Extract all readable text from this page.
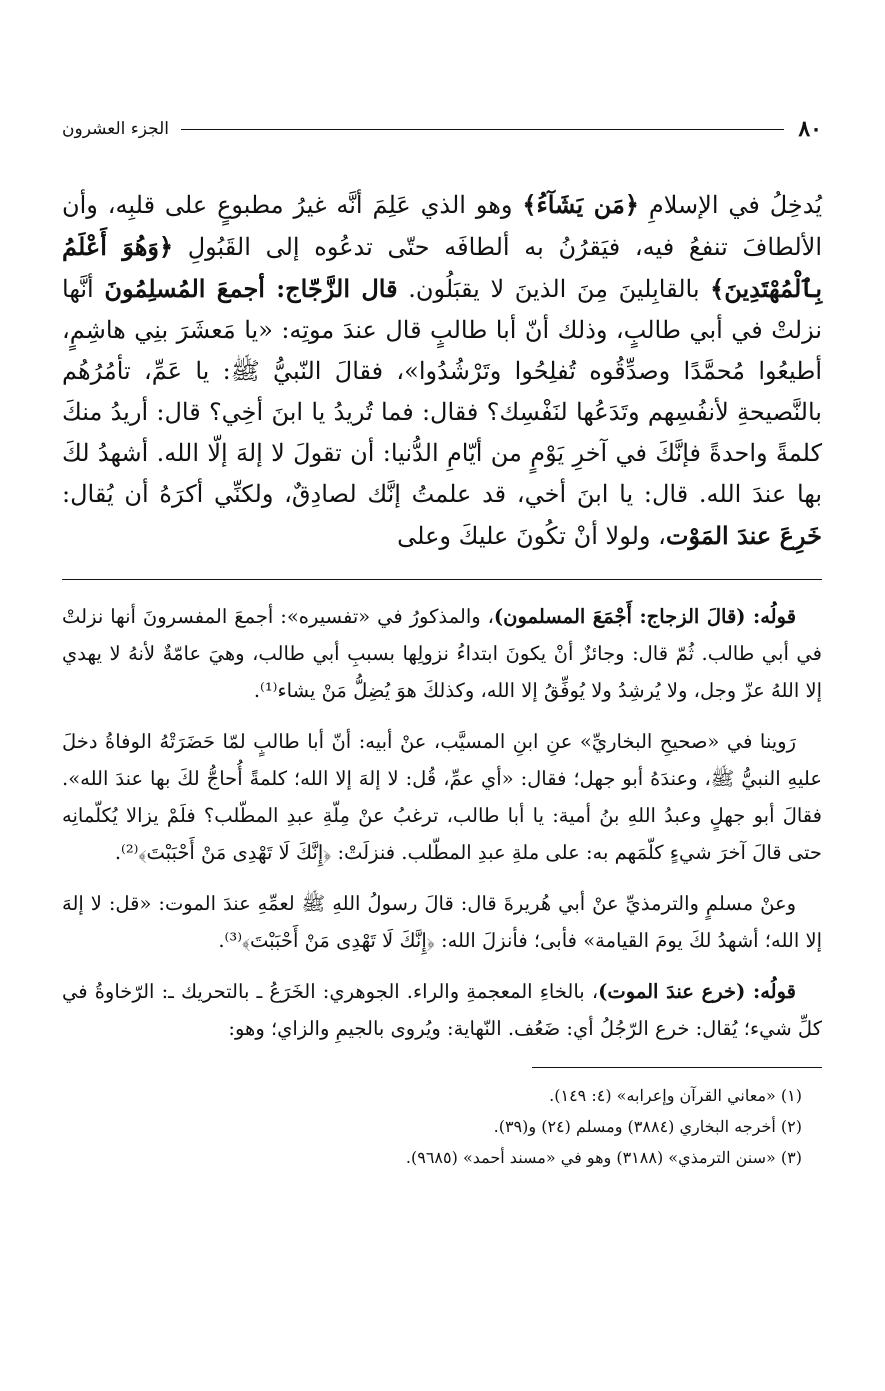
٨٠
الجزء العشرون
يُدخِلُ في الإسلامِ ﴿مَن يَشَآءُ﴾ وهو الذي عَلِمَ أنَّه غيرُ مطبوعٍ على قلبِه، وأن الألطافَ تنفعُ فيه، فيَقرُنُ به ألطافَه حتّى تدعُوه إلى القَبُولِ ﴿وَهُوَ أَعْلَمُ بِٱلْمُهْتَدِينَ﴾ بالقابِلينَ مِنَ الذينَ لا يقبَلُون. قال الزَّجّاج: أجمعَ المُسلِمُونَ أنَّها نزلتْ في أبي طالبٍ، وذلك أنّ أبا طالبٍ قال عندَ موتِه: «يا مَعشَرَ بنِي هاشِمٍ، أطيعُوا مُحمَّدًا وصدِّقُوه تُفلِحُوا وتَرْشُدُوا»، فقالَ النّبيُّ ﷺ: يا عَمِّ، تأمُرُهُم بالنَّصيحةِ لأنفُسِهم وتَدَعُها لنَفْسِك؟ فقال: فما تُريدُ يا ابنَ أخِي؟ قال: أريدُ منكَ كلمةً واحدةً فإنَّكَ في آخرِ يَوْمٍ من أيّامِ الدُّنيا: أن تقولَ لا إلهَ إلّا الله. أشهدُ لكَ بها عندَ الله. قال: يا ابنَ أخي، قد علمتُ إنَّك لصادِقٌ، ولكنِّي أكرَهُ أن يُقال: خَرِعَ عندَ المَوْت، ولولا أنْ تكُونَ عليكَ وعلى

قولُه: (قالَ الزجاج: أَجْمَعَ المسلمون)، والمذكورُ في «تفسيره»: أجمعَ المفسرونَ أنها نزلتْ في أبي طالب. ثُمّ قال: وجائزٌ أنْ يكونَ ابتداءُ نزولِها بسببِ أبي طالب، وهيَ عامّةٌ لأنهُ لا يهدي إلا اللهُ عزّ وجل، ولا يُرشِدُ ولا يُوفِّقُ إلا الله، وكذلكَ هوَ يُضِلُّ مَنْ يشاء⁽¹⁾.

رَوينا في «صحيحِ البخاريِّ» عنِ ابنِ المسيَّب، عنْ أبيه: أنّ أبا طالبٍ لمّا حَضَرَتْهُ الوفاةُ دخلَ عليهِ النبيُّ ﷺ، وعندَهُ أبو جهل؛ فقال: «أي عمِّ، قُل: لا إلهَ إلا الله؛ كلمةً أُحاجُّ لكَ بها عندَ الله». فقالَ أبو جهلٍ وعبدُ اللهِ بنُ أمية: يا أبا طالب، ترغبُ عنْ مِلّةِ عبدِ المطّلب؟ فلَمْ يزالا يُكلّمانِه حتى قالَ آخرَ شيءٍ كلّمَهم به: على ملةِ عبدِ المطّلب. فنزلَتْ: ﴿إِنَّكَ لَا تَهْدِى مَنْ أَحْبَبْتَ﴾⁽²⁾.

وعنْ مسلمٍ والترمذيِّ عنْ أبي هُريرةَ قال: قالَ رسولُ اللهِ ﷺ لعمِّهِ عندَ الموت: «قل: لا إلهَ إلا الله؛ أشهدُ لكَ يومَ القيامة» فأبى؛ فأنزلَ الله: ﴿إِنَّكَ لَا تَهْدِى مَنْ أَحْبَبْتَ﴾⁽³⁾.

قولُه: (خرع عندَ الموت)، بالخاءِ المعجمةِ والراء. الجوهري: الخَرَعُ ـ بالتحريك ـ: الرّخاوةُ في كلِّ شيء؛ يُقال: خرع الرّجُلُ أي: ضَعُف. النّهاية: ويُروى بالجيمِ والزاي؛ وهو:

(١) «معاني القرآن وإعرابه» (٤: ١٤٩).
(٢) أخرجه البخاري (٣٨٨٤) ومسلم (٢٤) و(٣٩).
(٣) «سنن الترمذي» (٣١٨٨) وهو في «مسند أحمد» (٩٦٨٥).
